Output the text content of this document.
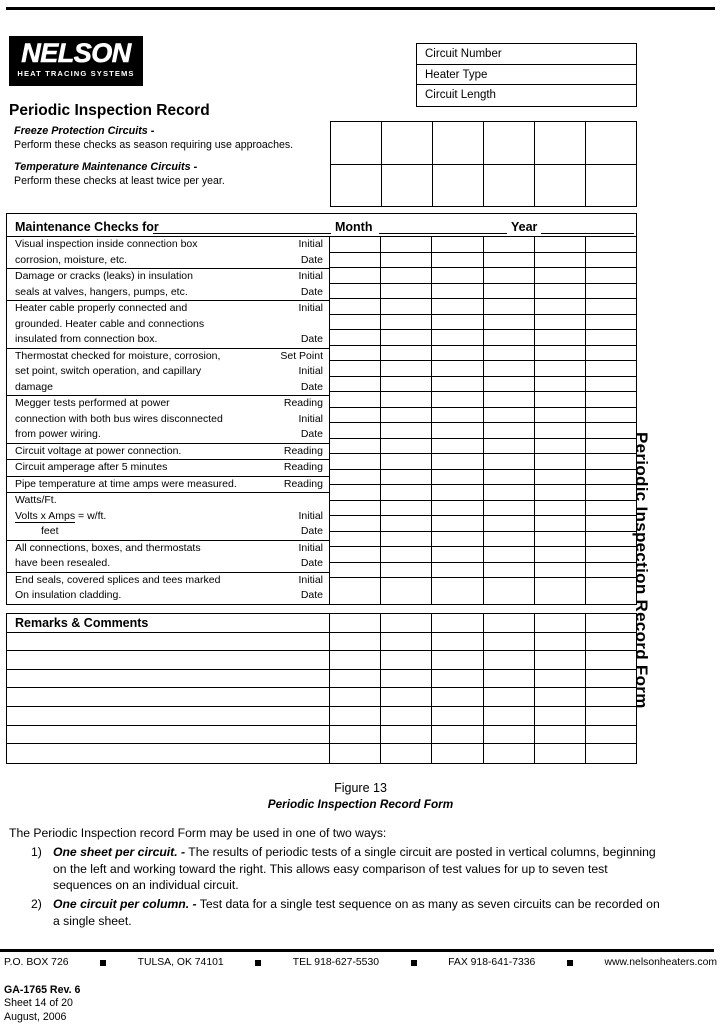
NELSON
HEAT TRACING SYSTEMS
Circuit Number
Heater Type
Circuit Length
Periodic Inspection Record
Freeze Protection Circuits -
Perform these checks as season requiring use approaches.
Temperature Maintenance Circuits -
Perform these checks at least twice per year.
Maintenance Checks for	Month	Year
Visual inspection inside connection box	Initial
corrosion, moisture, etc.	Date
Damage or cracks (leaks) in insulation	Initial
seals at valves, hangers, pumps, etc.	Date
Heater cable properly connected and	Initial
grounded. Heater cable and connections
insulated from connection box.	Date
Thermostat checked for moisture, corrosion,	Set Point
set point, switch operation, and capillary	Initial
damage	Date
Megger tests performed at power	Reading
connection with both bus wires disconnected	Initial
from power wiring.	Date
Circuit voltage at power connection.	Reading
Circuit amperage after 5 minutes	Reading
Pipe temperature at time amps were measured.	Reading
Watts/Ft.
Volts x Amps = w/ft.	Initial
feet	Date
All connections, boxes, and thermostats	Initial
have been resealed.	Date
End seals, covered splices and tees marked	Initial
On insulation cladding.	Date
Remarks & Comments	Periodic Inspection Record Form
Figure 13
Periodic Inspection Record Form
The Periodic Inspection record Form may be used in one of two ways:
1) One sheet per circuit. - The results of periodic tests of a single circuit are posted in vertical columns, beginning on the left and working toward the right. This allows easy comparison of test values for up to seven test sequences on an individual circuit.
2) One circuit per column. - Test data for a single test sequence on as many as seven circuits can be recorded on a single sheet.
P.O. BOX 726	TULSA, OK 74101	TEL 918-627-5530	FAX 918-641-7336	www.nelsonheaters.com
GA-1765 Rev. 6
Sheet 14 of 20
August, 2006
